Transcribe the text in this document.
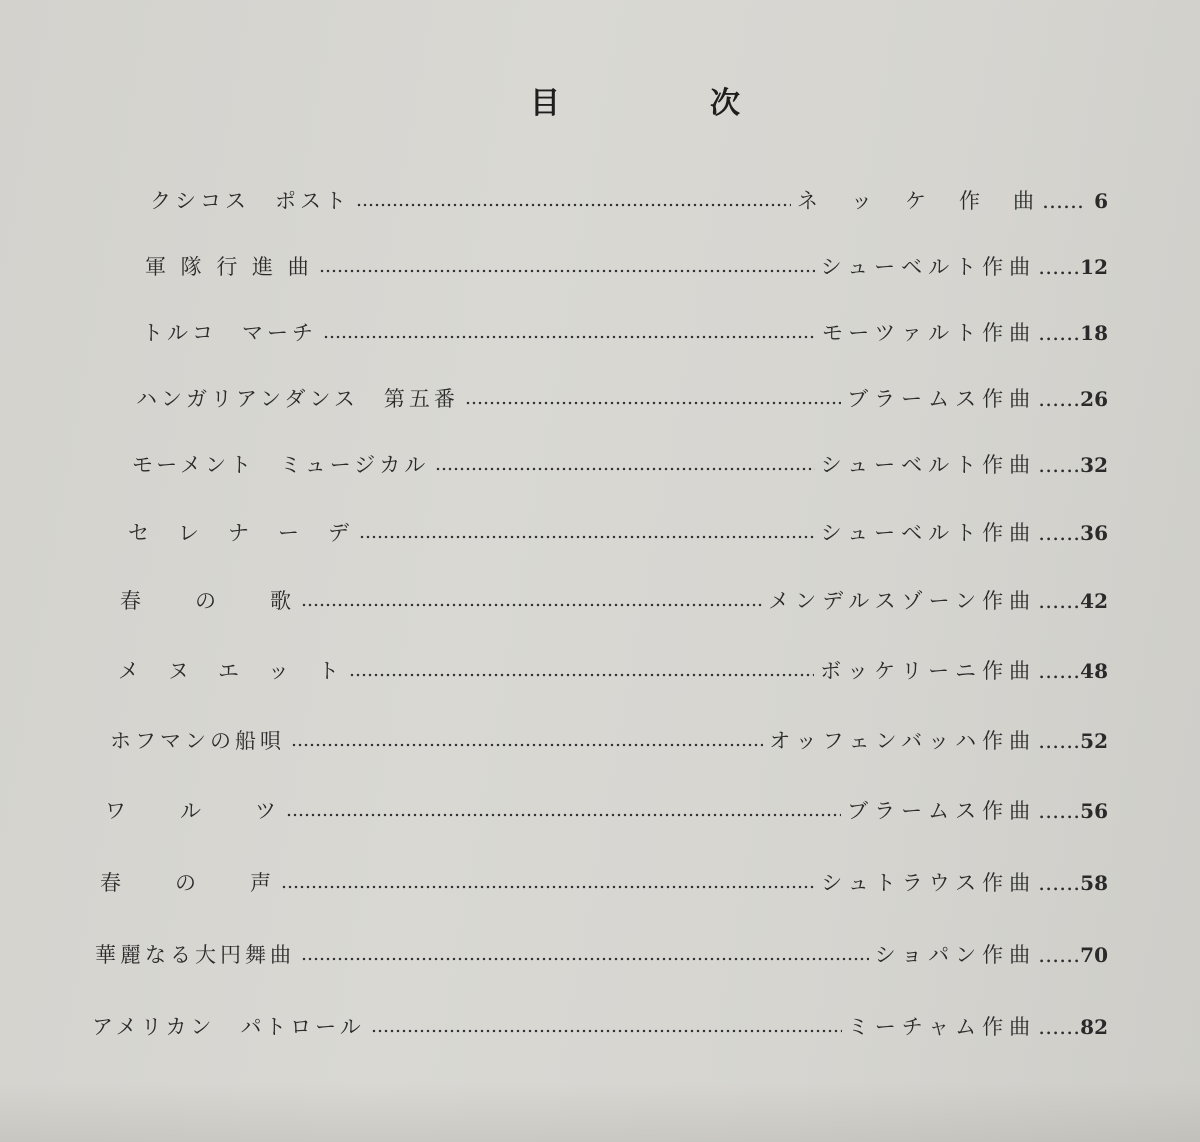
目	次
クシコス　ポスト	ネ　ッ　ケ　作　曲 …… 6
軍 隊 行 進 曲	シューベルト作曲 …… 12
トルコ　マーチ	モーツァルト作曲 …… 18
ハンガリアンダンス　第五番	ブラームス作曲 …… 26
モーメント　ミュージカル	シューベルト作曲 …… 32
セ　レ　ナ　ー　デ	シューベルト作曲 …… 36
春　　の　　歌	メンデルスゾーン作曲 …… 42
メ　ヌ　エ　ッ　ト	ボッケリーニ作曲 …… 48
ホフマンの船唄	オッフェンバッハ作曲 …… 52
ワ　　ル　　ツ	ブラームス作曲 …… 56
春　　の　　声	シュトラウス作曲 …… 58
華麗なる大円舞曲	ショパン作曲 …… 70
アメリカン　パトロール	ミーチャム作曲 …… 82
